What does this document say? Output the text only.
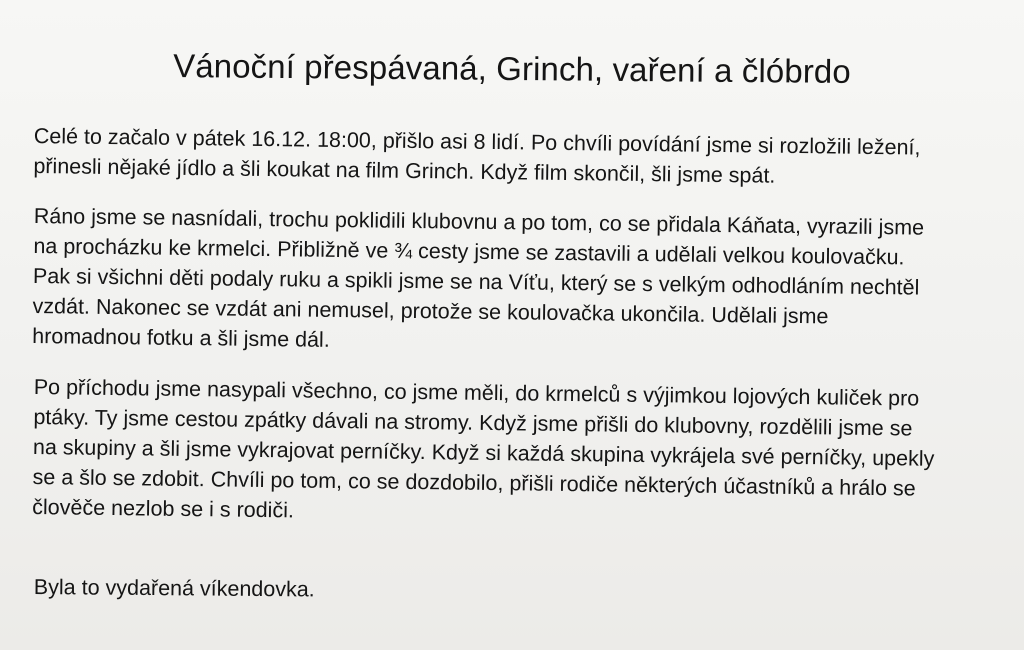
Vánoční přespávaná, Grinch, vaření a člóbrdo
Celé to začalo v pátek 16.12. 18:00, přišlo asi 8 lidí. Po chvíli povídání jsme si rozložili ležení,
přinesli nějaké jídlo a šli koukat na film Grinch. Když film skončil, šli jsme spát.
Ráno jsme se nasnídali, trochu poklidili klubovnu a po tom, co se přidala Káňata, vyrazili jsme
na procházku ke krmelci. Přibližně ve ¾ cesty jsme se zastavili a udělali velkou koulovačku.
Pak si všichni děti podaly ruku a spikli jsme se na Víťu, který se s velkým odhodláním nechtěl
vzdát. Nakonec se vzdát ani nemusel, protože se koulovačka ukončila. Udělali jsme
hromadnou fotku a šli jsme dál.
Po příchodu jsme nasypali všechno, co jsme měli, do krmelců s výjimkou lojových kuliček pro
ptáky. Ty jsme cestou zpátky dávali na stromy. Když jsme přišli do klubovny, rozdělili jsme se
na skupiny a šli jsme vykrajovat perníčky. Když si každá skupina vykrájela své perníčky, upekly
se a šlo se zdobit. Chvíli po tom, co se dozdobilo, přišli rodiče některých účastníků a hrálo se
člověče nezlob se i s rodiči.
Byla to vydařená víkendovka.
